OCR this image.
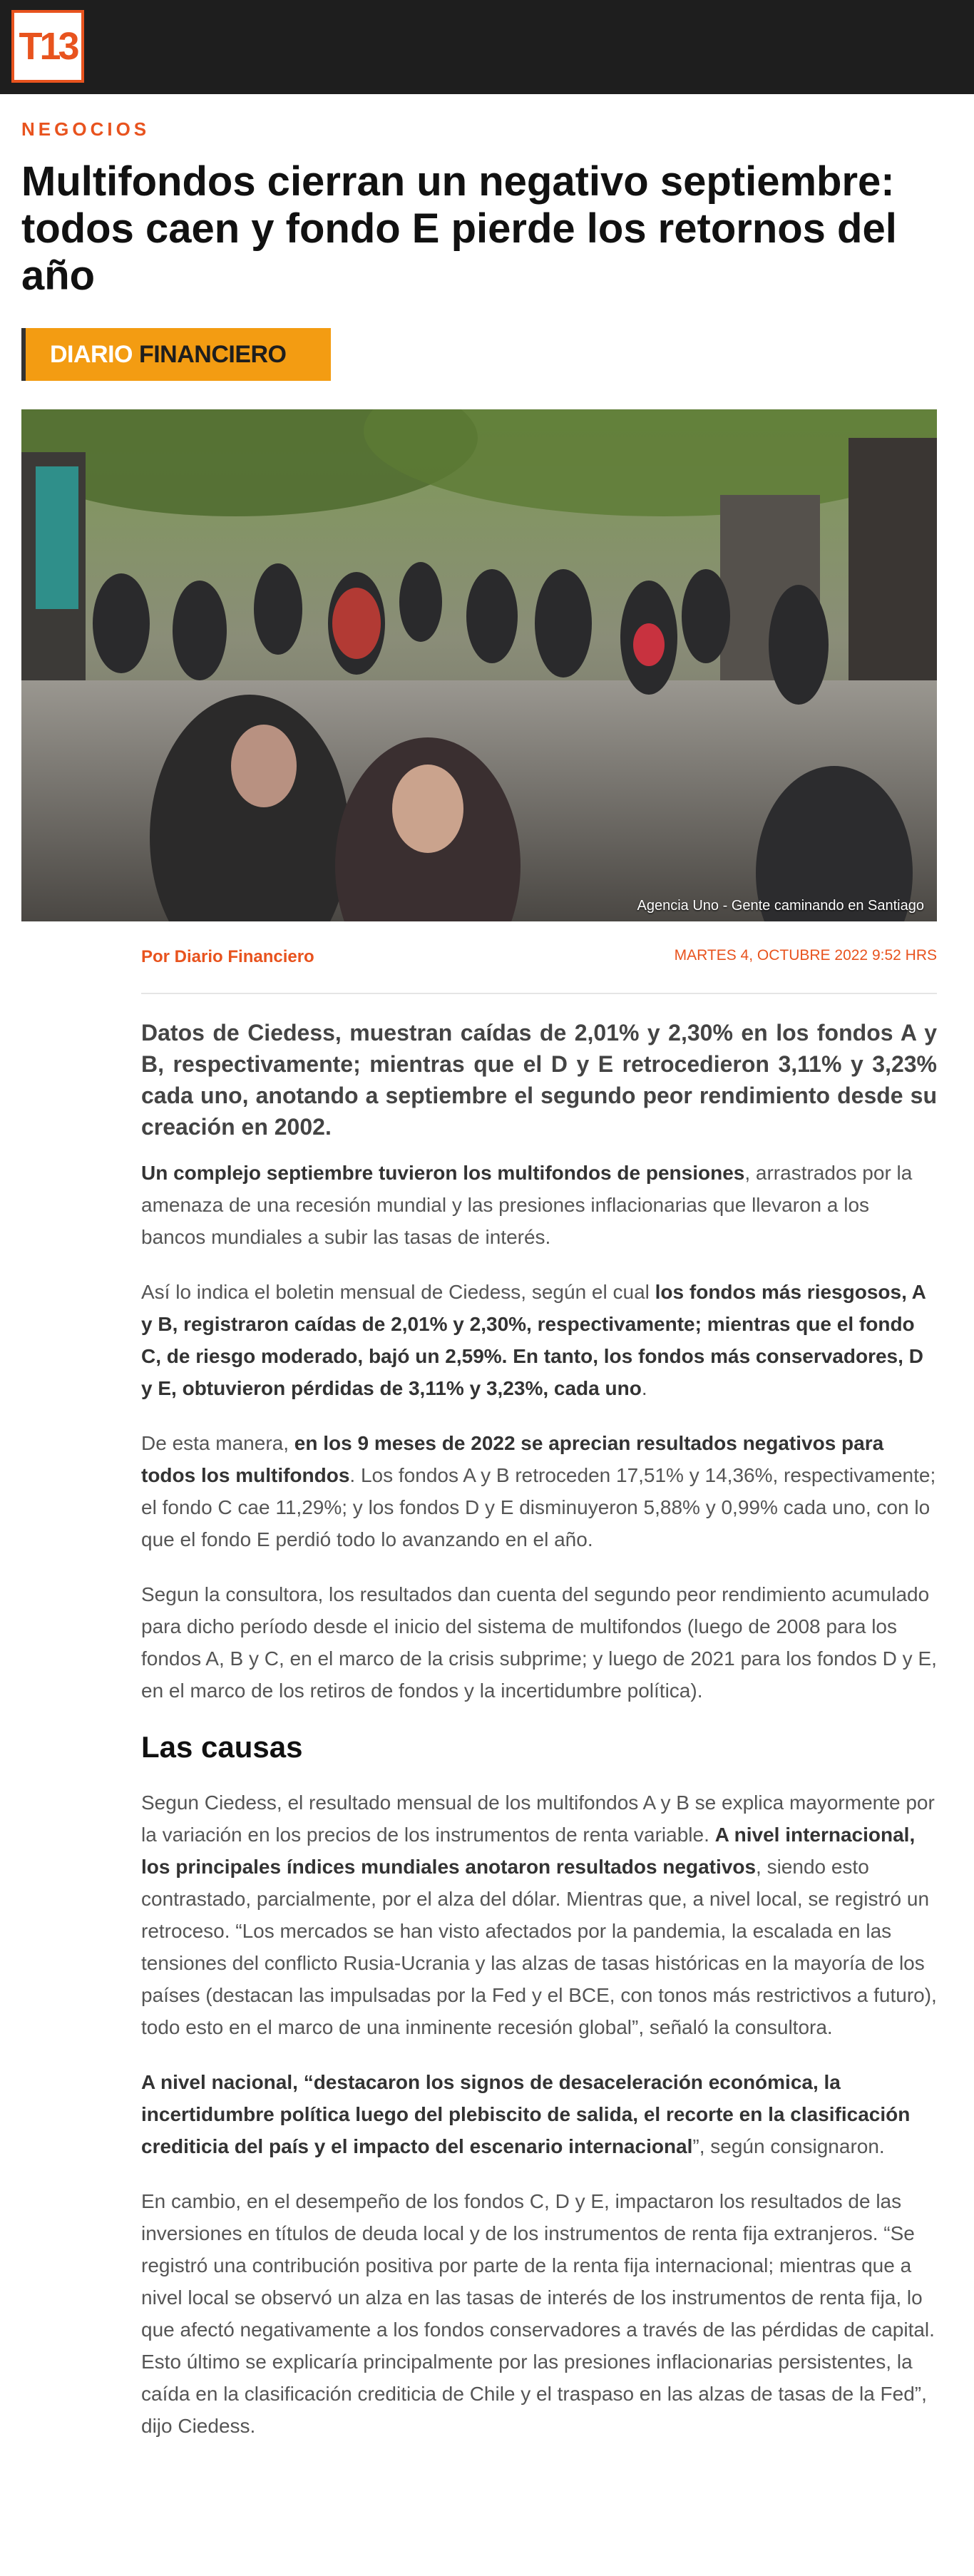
T13
NEGOCIOS
Multifondos cierran un negativo septiembre: todos caen y fondo E pierde los retornos del año
DIARIO FINANCIERO
Agencia Uno - Gente caminando en Santiago
Por Diario Financiero	MARTES 4, OCTUBRE 2022 9:52 HRS

Datos de Ciedess, muestran caídas de 2,01% y 2,30% en los fondos A y B, respectivamente; mientras que el D y E retrocedieron 3,11% y 3,23% cada uno, anotando a septiembre el segundo peor rendimiento desde su creación en 2002.

Un complejo septiembre tuvieron los multifondos de pensiones, arrastrados por la amenaza de una recesión mundial y las presiones inflacionarias que llevaron a los bancos mundiales a subir las tasas de interés.

Así lo indica el boletin mensual de Ciedess, según el cual los fondos más riesgosos, A y B, registraron caídas de 2,01% y 2,30%, respectivamente; mientras que el fondo C, de riesgo moderado, bajó un 2,59%. En tanto, los fondos más conservadores, D y E, obtuvieron pérdidas de 3,11% y 3,23%, cada uno.

De esta manera, en los 9 meses de 2022 se aprecian resultados negativos para todos los multifondos. Los fondos A y B retroceden 17,51% y 14,36%, respectivamente; el fondo C cae 11,29%; y los fondos D y E disminuyeron 5,88% y 0,99% cada uno, con lo que el fondo E perdió todo lo avanzando en el año.

Segun la consultora, los resultados dan cuenta del segundo peor rendimiento acumulado para dicho período desde el inicio del sistema de multifondos (luego de 2008 para los fondos A, B y C, en el marco de la crisis subprime; y luego de 2021 para los fondos D y E, en el marco de los retiros de fondos y la incertidumbre política).

Las causas

Segun Ciedess, el resultado mensual de los multifondos A y B se explica mayormente por la variación en los precios de los instrumentos de renta variable. A nivel internacional, los principales índices mundiales anotaron resultados negativos, siendo esto contrastado, parcialmente, por el alza del dólar. Mientras que, a nivel local, se registró un retroceso. “Los mercados se han visto afectados por la pandemia, la escalada en las tensiones del conflicto Rusia-Ucrania y las alzas de tasas históricas en la mayoría de los países (destacan las impulsadas por la Fed y el BCE, con tonos más restrictivos a futuro), todo esto en el marco de una inminente recesión global”, señaló la consultora.

A nivel nacional, “destacaron los signos de desaceleración económica, la incertidumbre política luego del plebiscito de salida, el recorte en la clasificación crediticia del país y el impacto del escenario internacional”, según consignaron.

En cambio, en el desempeño de los fondos C, D y E, impactaron los resultados de las inversiones en títulos de deuda local y de los instrumentos de renta fija extranjeros. “Se registró una contribución positiva por parte de la renta fija internacional; mientras que a nivel local se observó un alza en las tasas de interés de los instrumentos de renta fija, lo que afectó negativamente a los fondos conservadores a través de las pérdidas de capital. Esto último se explicaría principalmente por las presiones inflacionarias persistentes, la caída en la clasificación crediticia de Chile y el traspaso en las alzas de tasas de la Fed”, dijo Ciedess.
